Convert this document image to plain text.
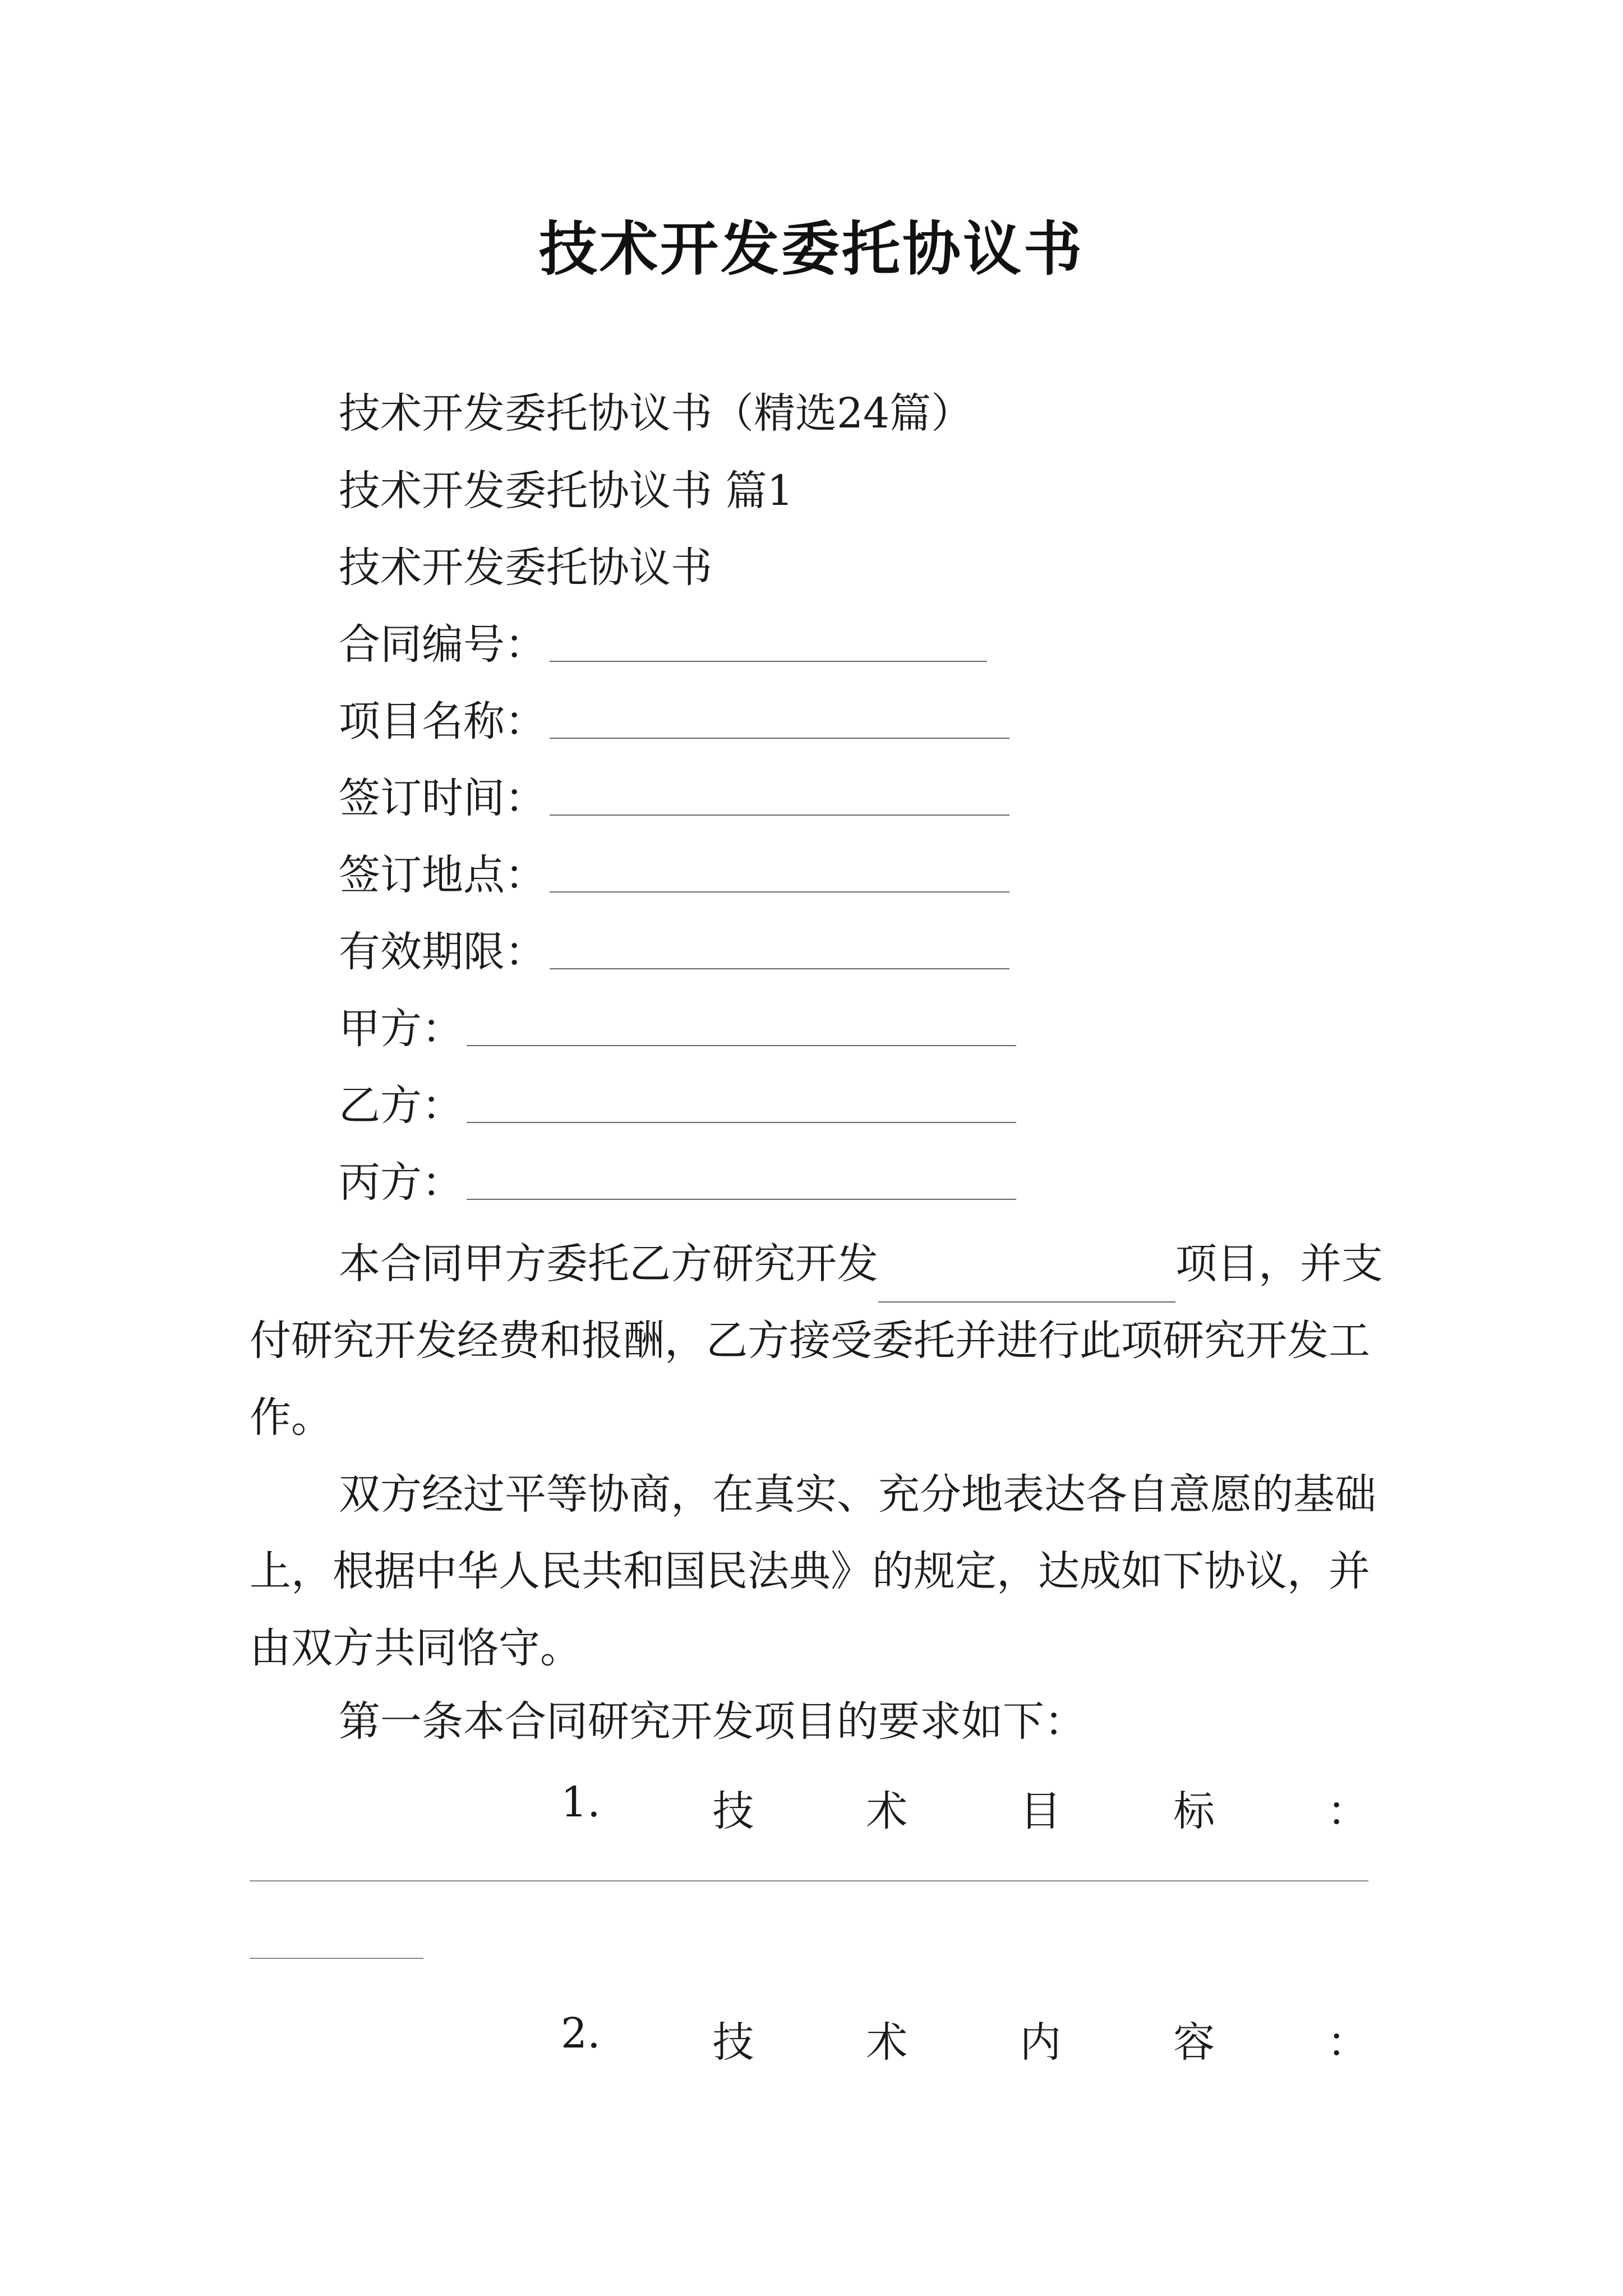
技术开发委托协议书
技术开发委托协议书（精选24篇）
技术开发委托协议书 篇1
技术开发委托协议书
合同编号：
项目名称：
签订时间：
签订地点：
有效期限：
甲方：
乙方：
丙方：
本合同甲方委托乙方研究开发	项目，并支付研究开发经费和报酬，乙方接受委托并进行此项研究开发工作。
双方经过平等协商，在真实、充分地表达各自意愿的基础上，根据中华人民共和国民法典》的规定，达成如下协议，并由双方共同恪守。
第一条本合同研究开发项目的要求如下：
1.	技	术	目	标	：
2.	技	术	内	容	：
